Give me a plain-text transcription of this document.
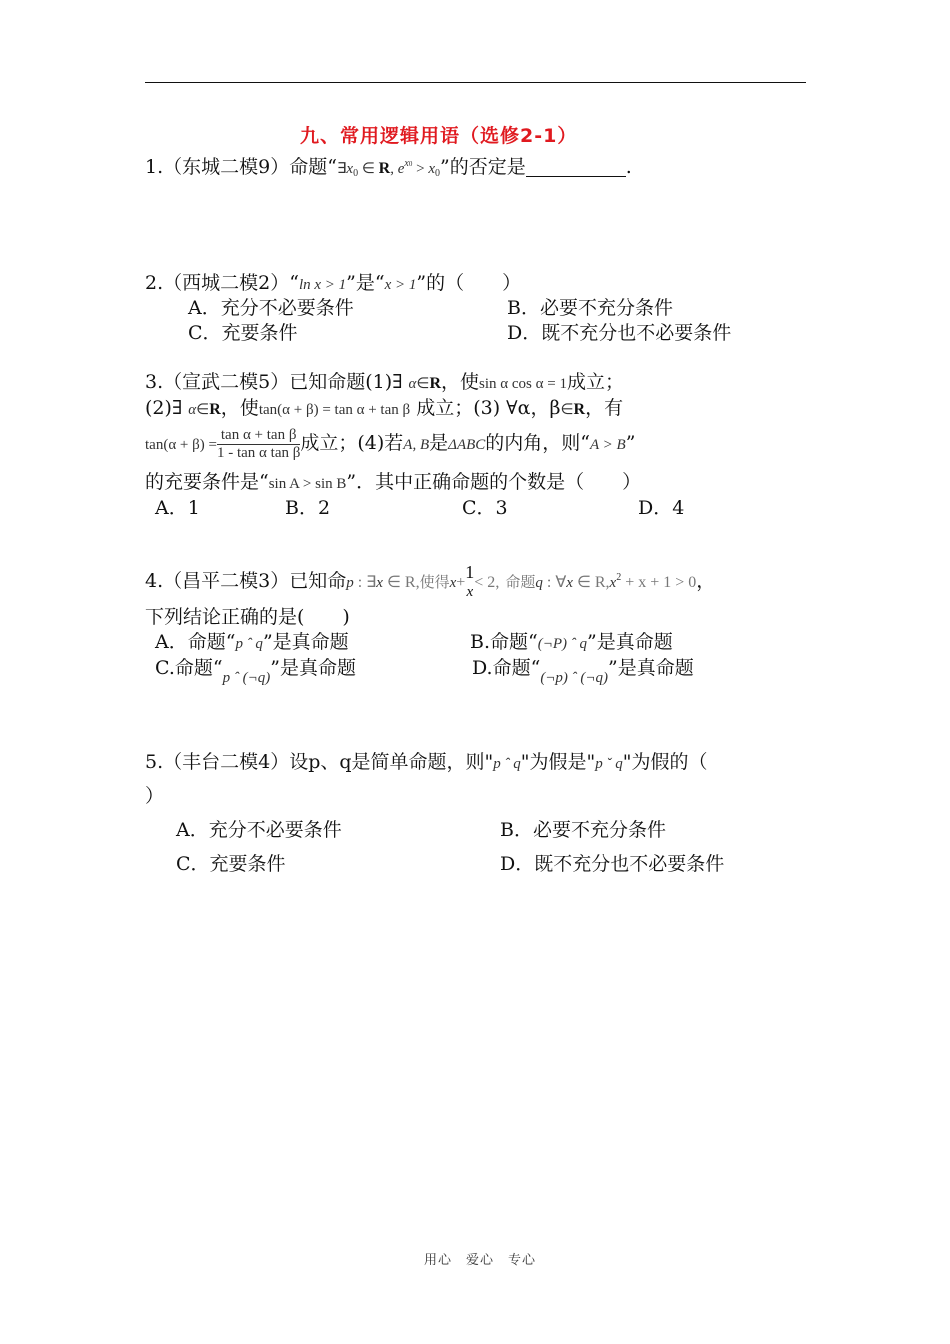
九、常用逻辑用语（选修2-1）
1.（东城二模9）命题“$\exists x_0$ ∈ R, $e^{x0} > x_0$”的否定是	.
2.（西城二模2）“ln x > 1”是“x > 1”的（　　）
A．充分不必要条件	B．必要不充分条件
C．充要条件	D．既不充分也不必要条件
3.（宣武二模5）已知命题(1)∃ α∈R，使sin α cos α = 1成立；
(2)∃ α∈R，使tan(α + β) = tan α + tan β 成立；(3) ∀α，β∈R，有
$\tan(\alpha + \beta) = \frac{\text{tan α + tan β}}{\text{1 - tan α tan β}}$ 成立；(4)若A, B是ΔABC的内角，则“A > B”
的充要条件是“sin A > sin B”．其中正确命题的个数是（　　）
A．1	B．2	C．3	D．4
4.（昌平二模3）已知命p : ∃x ∈ R,使得x+
1
x
< 2, 命题q : ∀x ∈ $R,x^2 + x + 1 > 0$，
下列结论正确的是(　　)
A．命题“p ˆ q”是真命题	B.命题“(¬P) ˆ q”是真命题
C.命题“$_{p ˆ (\neg q)}$”是真命题	D.命题“$_{(\neg p) ˆ (\neg q)}$”是真命题
5.（丰台二模4）设p、q是简单命题，则"p ˆ q"为假是"p ˇ q"为假的（
）
A．充分不必要条件	B．必要不充分条件
C．充要条件	D．既不充分也不必要条件
用心　爱心　专心
